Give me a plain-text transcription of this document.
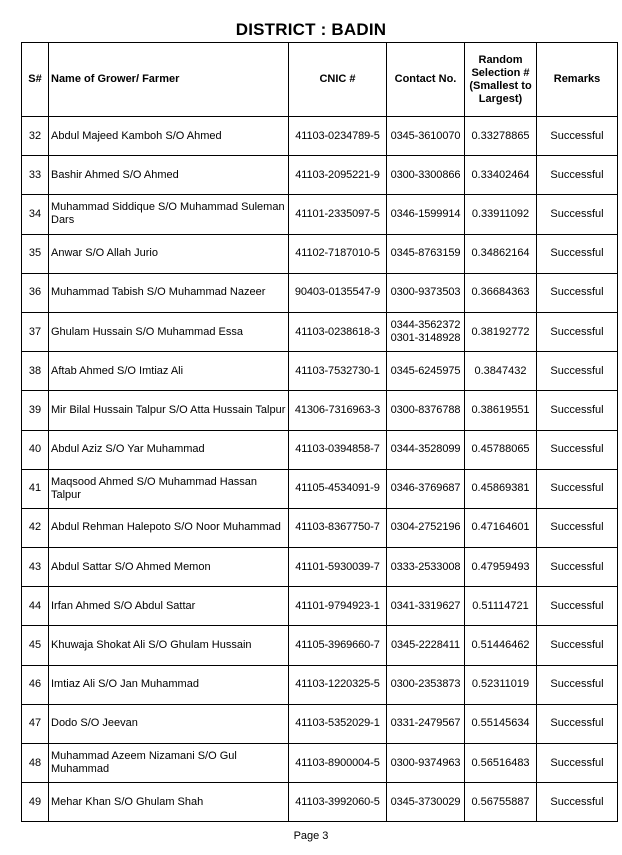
DISTRICT : BADIN
S#	Name of Grower/ Farmer	CNIC #	Contact No.	Random Selection # (Smallest to Largest)	Remarks
32	Abdul Majeed Kamboh S/O Ahmed	41103-0234789-5	0345-3610070	0.33278865	Successful
33	Bashir Ahmed S/O Ahmed	41103-2095221-9	0300-3300866	0.33402464	Successful
34	Muhammad Siddique S/O Muhammad Suleman Dars	41101-2335097-5	0346-1599914	0.33911092	Successful
35	Anwar S/O Allah Jurio	41102-7187010-5	0345-8763159	0.34862164	Successful
36	Muhammad Tabish S/O Muhammad Nazeer	90403-0135547-9	0300-9373503	0.36684363	Successful
37	Ghulam Hussain S/O Muhammad Essa	41103-0238618-3	0344-3562372 0301-3148928	0.38192772	Successful
38	Aftab Ahmed S/O Imtiaz Ali	41103-7532730-1	0345-6245975	0.3847432	Successful
39	Mir Bilal Hussain Talpur S/O Atta Hussain Talpur	41306-7316963-3	0300-8376788	0.38619551	Successful
40	Abdul Aziz S/O Yar Muhammad	41103-0394858-7	0344-3528099	0.45788065	Successful
41	Maqsood Ahmed S/O Muhammad Hassan Talpur	41105-4534091-9	0346-3769687	0.45869381	Successful
42	Abdul Rehman Halepoto S/O Noor Muhammad	41103-8367750-7	0304-2752196	0.47164601	Successful
43	Abdul Sattar S/O Ahmed Memon	41101-5930039-7	0333-2533008	0.47959493	Successful
44	Irfan Ahmed S/O Abdul Sattar	41101-9794923-1	0341-3319627	0.51114721	Successful
45	Khuwaja Shokat Ali S/O Ghulam Hussain	41105-3969660-7	0345-2228411	0.51446462	Successful
46	Imtiaz Ali S/O Jan Muhammad	41103-1220325-5	0300-2353873	0.52311019	Successful
47	Dodo S/O Jeevan	41103-5352029-1	0331-2479567	0.55145634	Successful
48	Muhammad Azeem Nizamani S/O Gul Muhammad	41103-8900004-5	0300-9374963	0.56516483	Successful
49	Mehar Khan S/O Ghulam Shah	41103-3992060-5	0345-3730029	0.56755887	Successful
Page 3
